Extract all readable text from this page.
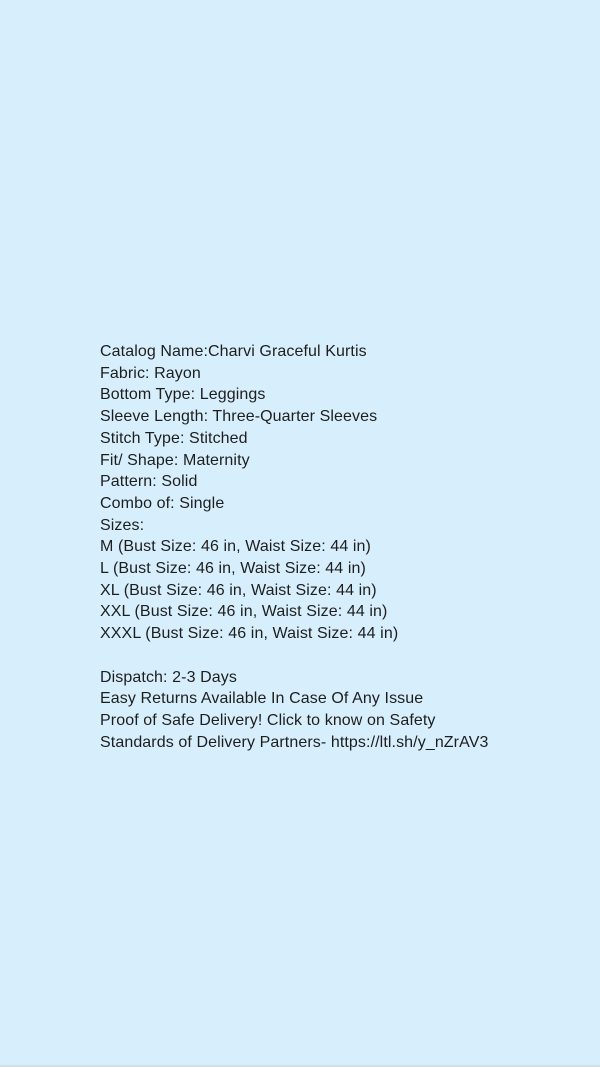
Catalog Name:Charvi Graceful Kurtis
Fabric: Rayon
Bottom Type: Leggings
Sleeve Length: Three-Quarter Sleeves
Stitch Type: Stitched
Fit/ Shape: Maternity
Pattern: Solid
Combo of: Single
Sizes:
M (Bust Size: 46 in, Waist Size: 44 in)
L (Bust Size: 46 in, Waist Size: 44 in)
XL (Bust Size: 46 in, Waist Size: 44 in)
XXL (Bust Size: 46 in, Waist Size: 44 in)
XXXL (Bust Size: 46 in, Waist Size: 44 in)
Dispatch: 2-3 Days
Easy Returns Available In Case Of Any Issue
Proof of Safe Delivery! Click to know on Safety
Standards of Delivery Partners- https://ltl.sh/y_nZrAV3
